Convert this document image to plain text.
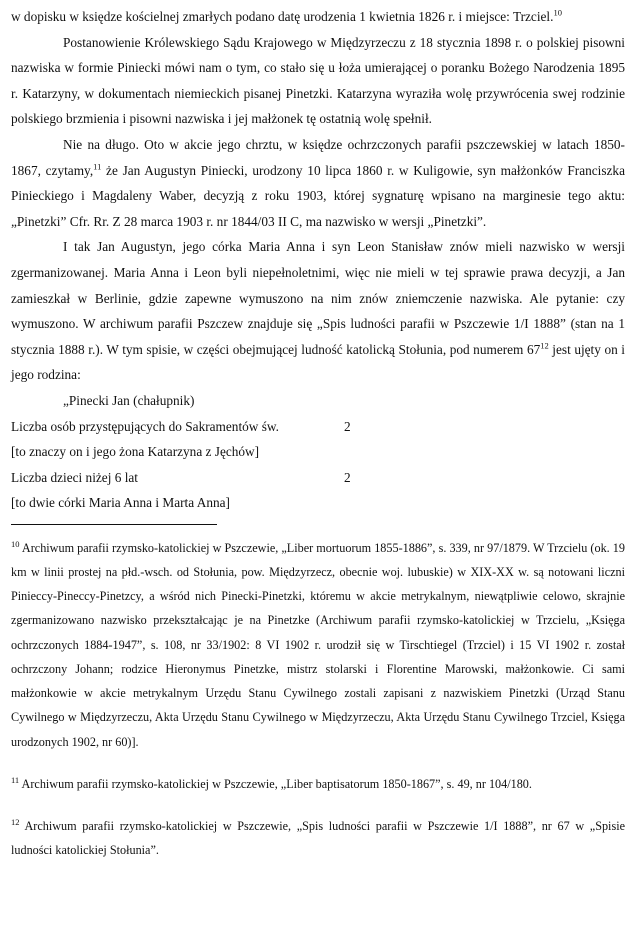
w dopisku w księdze kościelnej zmarłych podano datę urodzenia 1 kwietnia 1826 r. i miejsce: Trzciel.$^{10}$

Postanowienie Królewskiego Sądu Krajowego w Międzyrzeczu z 18 stycznia 1898 r. o polskiej pisowni nazwiska w formie Piniecki mówi nam o tym, co stało się u łoża umierającej o poranku Bożego Narodzenia 1895 r. Katarzyny, w dokumentach niemieckich pisanej Pinetzki. Katarzyna wyraziła wolę przywrócenia swej rodzinie polskiego brzmienia i pisowni nazwiska i jej małżonek tę ostatnią wolę spełnił.

Nie na długo. Oto w akcie jego chrztu, w księdze ochrzczonych parafii pszczewskiej w latach 1850-1867, czytamy,$^{11}$ że Jan Augustyn Piniecki, urodzony 10 lipca 1860 r. w Kuligowie, syn małżonków Franciszka Pinieckiego i Magdaleny Waber, decyzją z roku 1903, której sygnaturę wpisano na marginesie tego aktu: „Pinetzki” Cfr. Rr. Z 28 marca 1903 r. nr 1844/03 II C, ma nazwisko w wersji „Pinetzki”.

I tak Jan Augustyn, jego córka Maria Anna i syn Leon Stanisław znów mieli nazwisko w wersji zgermanizowanej. Maria Anna i Leon byli niepełnoletnimi, więc nie mieli w tej sprawie prawa decyzji, a Jan zamieszkał w Berlinie, gdzie zapewne wymuszono na nim znów zniemczenie nazwiska. Ale pytanie: czy wymuszono. W archiwum parafii Pszczew znajduje się „Spis ludności parafii w Pszczewie 1/I 1888” (stan na 1 stycznia 1888 r.). W tym spisie, w części obejmującej ludność katolicką Stołunia, pod numerem $67^{12}$ jest ujęty on i jego rodzina:

„Pinecki Jan (chałupnik)
Liczba osób przystępujących do Sakramentów św.	2
[to znaczy on i jego żona Katarzyna z Jęchów]
Liczba dzieci niżej 6 lat	2
[to dwie córki Maria Anna i Marta Anna]

$^{10}$ Archiwum parafii rzymsko-katolickiej w Pszczewie, „Liber mortuorum 1855-1886”, s. 339, nr 97/1879. W Trzcielu (ok. 19 km w linii prostej na płd.-wsch. od Stołunia, pow. Międzyrzecz, obecnie woj. lubuskie) w XIX-XX w. są notowani liczni Pinieccy-Pineccy-Pinetzcy, a wśród nich Pinecki-Pinetzki, któremu w akcie metrykalnym, niewątpliwie celowo, skrajnie zgermanizowano nazwisko przekształcając je na Pinetzke (Archiwum parafii rzymsko-katolickiej w Trzcielu, „Księga ochrzczonych 1884-1947”, s. 108, nr 33/1902: 8 VI 1902 r. urodził się w Tirschtiegel (Trzciel) i 15 VI 1902 r. został ochrzczony Johann; rodzice Hieronymus Pinetzke, mistrz stolarski i Florentine Marowski, małżonkowie. Ci sami małżonkowie w akcie metrykalnym Urzędu Stanu Cywilnego zostali zapisani z nazwiskiem Pinetzki (Urząd Stanu Cywilnego w Międzyrzeczu, Akta Urzędu Stanu Cywilnego w Międzyrzeczu, Akta Urzędu Stanu Cywilnego Trzciel, Księga urodzonych 1902, nr 60)].

$^{11}$ Archiwum parafii rzymsko-katolickiej w Pszczewie, „Liber baptisatorum 1850-1867”, s. 49, nr 104/180.

$^{12}$ Archiwum parafii rzymsko-katolickiej w Pszczewie, „Spis ludności parafii w Pszczewie 1/I 1888”, nr 67 w „Spisie ludności katolickiej Stołunia”.
